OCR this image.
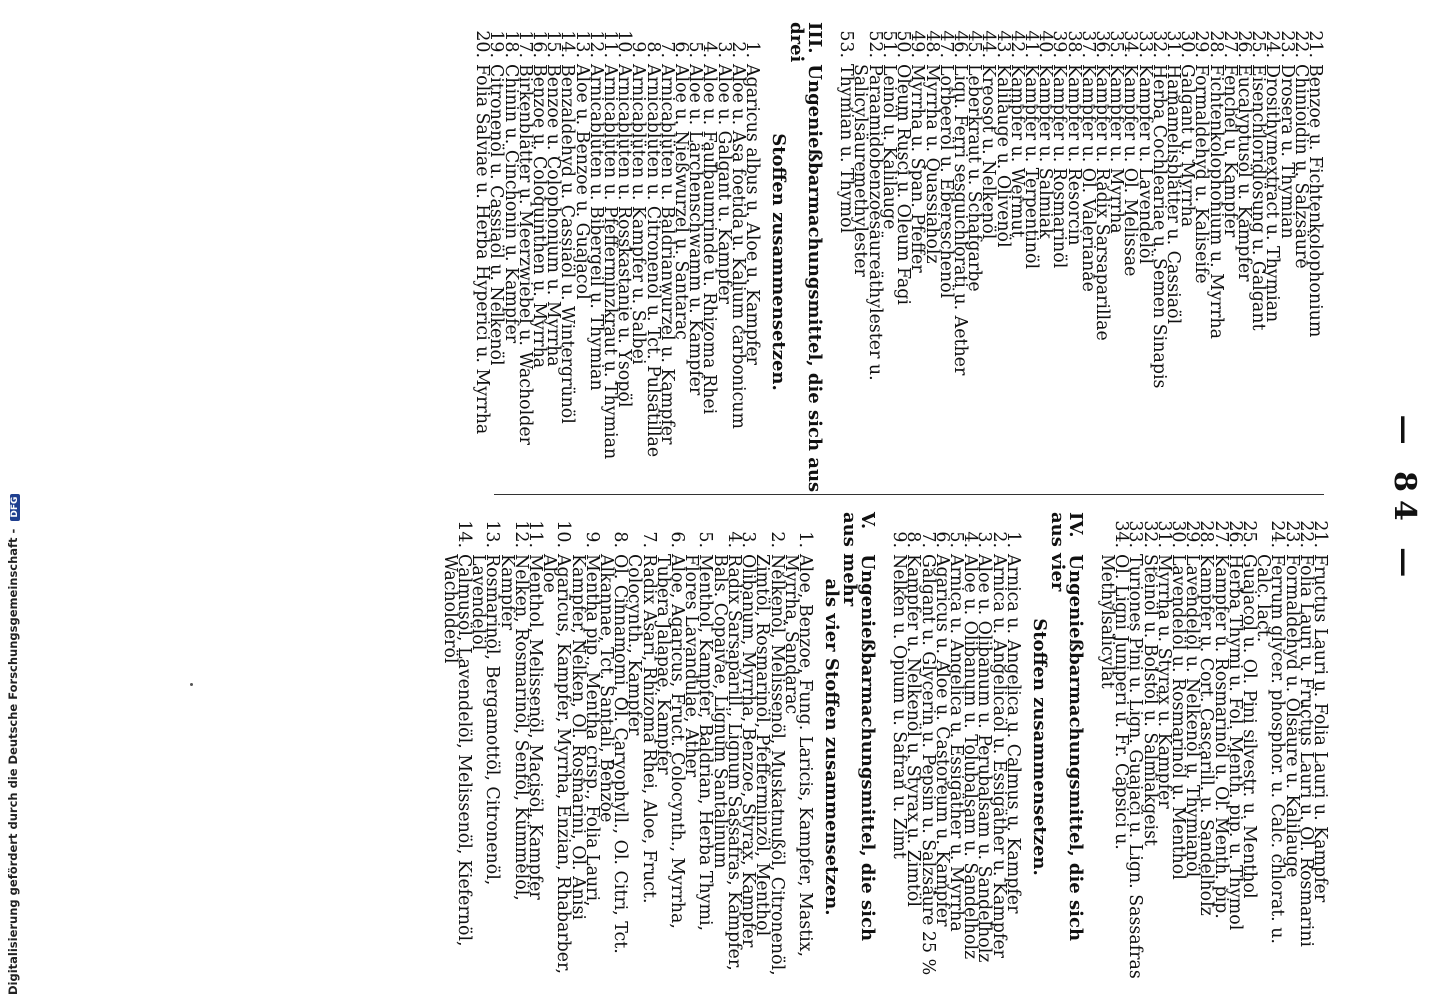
— 84 —
21.
Benzoe u. Fichtenkolophonium
22.
Chinioidin u. Salzsäure
23.
Drosera u. Thymian
24.
Drosithymextract u. Thymian
25.
Eisenchloridlösung u. Galgant
26.
Eucalyptusöl u. Kampfer
27.
Fenchel u. Kampfer
28.
Fichtenkolophonium u. Myrrha
29.
Formaldehyd u. Kaliseife
30.
Galgant u. Myrrha
31.
Hamamelisblätter u. Cassiaöl
32.
Herba Cochleariae u. Semen Sinapis
33.
Kampfer u. Lavendelöl
34.
Kampfer u. Ol. Melissae
35.
Kampfer u. Myrrha
36.
Kampfer u. Radix Sarsaparillae
37.
Kampfer u. Ol. Valerianae
38.
Kampfer u. Resorcin
39.
Kampfer u. Rosmarinöl
40.
Kampfer u. Salmiak
41.
Kampfer u. Terpentinöl
42.
Kampfer u. Wermut
43.
Kalilauge u. Olivenöl
44.
Kreosot u. Nelkenöl
45.
Leberkraut u. Schafgarbe
46.
Liqu. Ferri sesquichlorati u. Aether
47.
Lorbeeröl u. Ebereschenöl
48.
Myrrha u. Quassiaholz
49.
Myrrha u. Span. Pfeffer
50.
Oleum Rusci u. Oleum Fagi
51.
Leinöl u. Kalilauge
52.
Paraamidobenzoesäureäthylester u. Salicylsäuremethylester
53.
Thymian u. Thymol
III. Ungenießbarmachungsmittel, die sich aus drei
Stoffen zusammensetzen.
1.
Agaricus albus u. Aloe u. Kampfer
2.
Aloe u. Asa foetida u. Kalium carbonicum
3.
Aloe u. Galgant u. Kampfer
4.
Aloe u. Faulbaumrinde u. Rhizoma Rhei
5.
Aloe u. Lärchenschwamm u. Kampfer
6.
Aloe u. Nießwurzel u. Santarac
7.
Arnicablüten u. Baldrianwurzel u. Kampfer
8.
Arnicablüten u. Citronenöl u. Tct. Pulsatillae
9.
Arnicablüten u. Kampfer u. Salbei
10.
Arnicablüten u. Rosskastanie u. Ysopöl
11.
Arnicablüten u. Pfefferminzkraut u. Thymian
12.
Arnicablüten u. Bibergeil u. Thymian
13.
Aloe u. Benzoe u. Guajacol
14.
Benzaldehyd u. Cassiaöl u. Wintergrünöl
15.
Benzoe u. Colophonium u. Myrrha
16.
Benzoe u. Coloquinthen u. Myrrha
17.
Birkenblätter u. Meerzwiebel u. Wacholder
18.
Chinin u. Cinchonin u. Kampfer
19.
Citronenöl u. Cassiaöl u. Nelkenöl
20.
Folia Salviae u. Herba Hyperici u. Myrrha
21.
Fructus Lauri u. Folia Lauri u. Kampfer
22.
Folia Lauri u. Fructus Lauri u. Ol. Rosmarini
23.
Formaldehyd u. Ölsäure u. Kalilauge
24.
Ferrum glycer. phosphor. u. Calc. chlorat. u. Calc. lact.
25.
Guajacol u. Ol. Pini silvestr. u. Menthol
26.
Herba Thymi u. Fol. Menth. pip. u. Thymol
27.
Kampfer u. Rosmarinöl u. Ol. Menth. pip.
28.
Kampfer u. Cort. Cascarill. u. Sandelholz
29.
Lavendelöl u. Nelkenöl u. Thymianöl
30.
Lavendelöl u. Rosmarinöl u. Menthol
31.
Myrrha u. Styrax u. Kampfer
32.
Steinöl u. Bolstöl u. Salmiakgeist
33.
Turiones Pini u. Lign. Guajaci u. Lign. Sassafras
34.
Ol. Ligni Juniperi u. Fr. Capsici u. Methylsalicylat
IV. Ungenießbarmachungsmittel, die sich aus vier
Stoffen zusammensetzen.
1.
Arnica u. Angelica u. Calmus u. Kampfer
2.
Arnica u. Angelicaöl u. Essigäther u. Kampfer
3.
Aloe u. Olibanum u. Perubalsam u. Sandelholz
4.
Aloe u. Olibanum u. Tolubalsam u. Sandelholz
5.
Arnica u. Angelica u. Essigäther u. Myrrha
6.
Agaricus u. Aloe u. Castoreum u. Kampfer
7.
Galgant u. Glycerin u. Pepsin u. Salzsäure 25 %
8.
Kampfer u. Nelkenöl u. Styrax u. Zimtöl
9.
Nelken u. Opium u. Safran u. Zimt
V. Ungenießbarmachungsmittel, die sich aus mehr
als vier Stoffen zusammensetzen.
1.
Aloe, Benzoe, Fung. Laricis, Kampfer, Mastix, Myrrha, Sandarac
2.
Nelkenöl, Melissenöl, Muskatnußöl, Citronenöl, Zimtöl, Rosmarinöl, Pfefferminzöl, Menthol
3.
Olibanum, Myrrha, Benzoe, Styrax, Kampfer
4.
Radix Sarsaparill., Lignum Sassafras, Kampfer, Bals. Copaivae, Lignum Santalinum
5.
Menthol, Kampfer, Baldrian, Herba Thymi, Flores Lavandulae, Äther
6.
Aloe, Agaricus, Fruct. Colocynth., Myrrha, Tubera Jalapae, Kampfer
7.
Radix Asari, Rhizoma Rhei, Aloe, Fruct. Colocynth., Kampfer
8.
Ol. Cinnamomi, Ol. Caryophyll., Ol. Citri, Tct. Alkannae, Tct. Santali, Benzoe
9.
Mentha pip., Mentha crisp., Folia Lauri, Kampfer, Nelken, Ol. Rosmarini, Ol. Anisi
10.
Agaricus, Kampfer, Myrrha, Enzian, Rhabarber, Aloe
11.
Menthol, Melissenöl, Macisöl, Kampfer
12.
Nelken, Rosmarinöl, Senföl, Kümmelöl, Kampfer
13.
Rosmarinöl, Bergamottöl, Citronenöl, Lavendelöl
14.
Calmusöl, Lavendelöl, Melissenöl, Kiefernöl, Wacholderöl
Digitalisierung gefördert durch die Deutsche Forschungsgemeinschaft - DFG
